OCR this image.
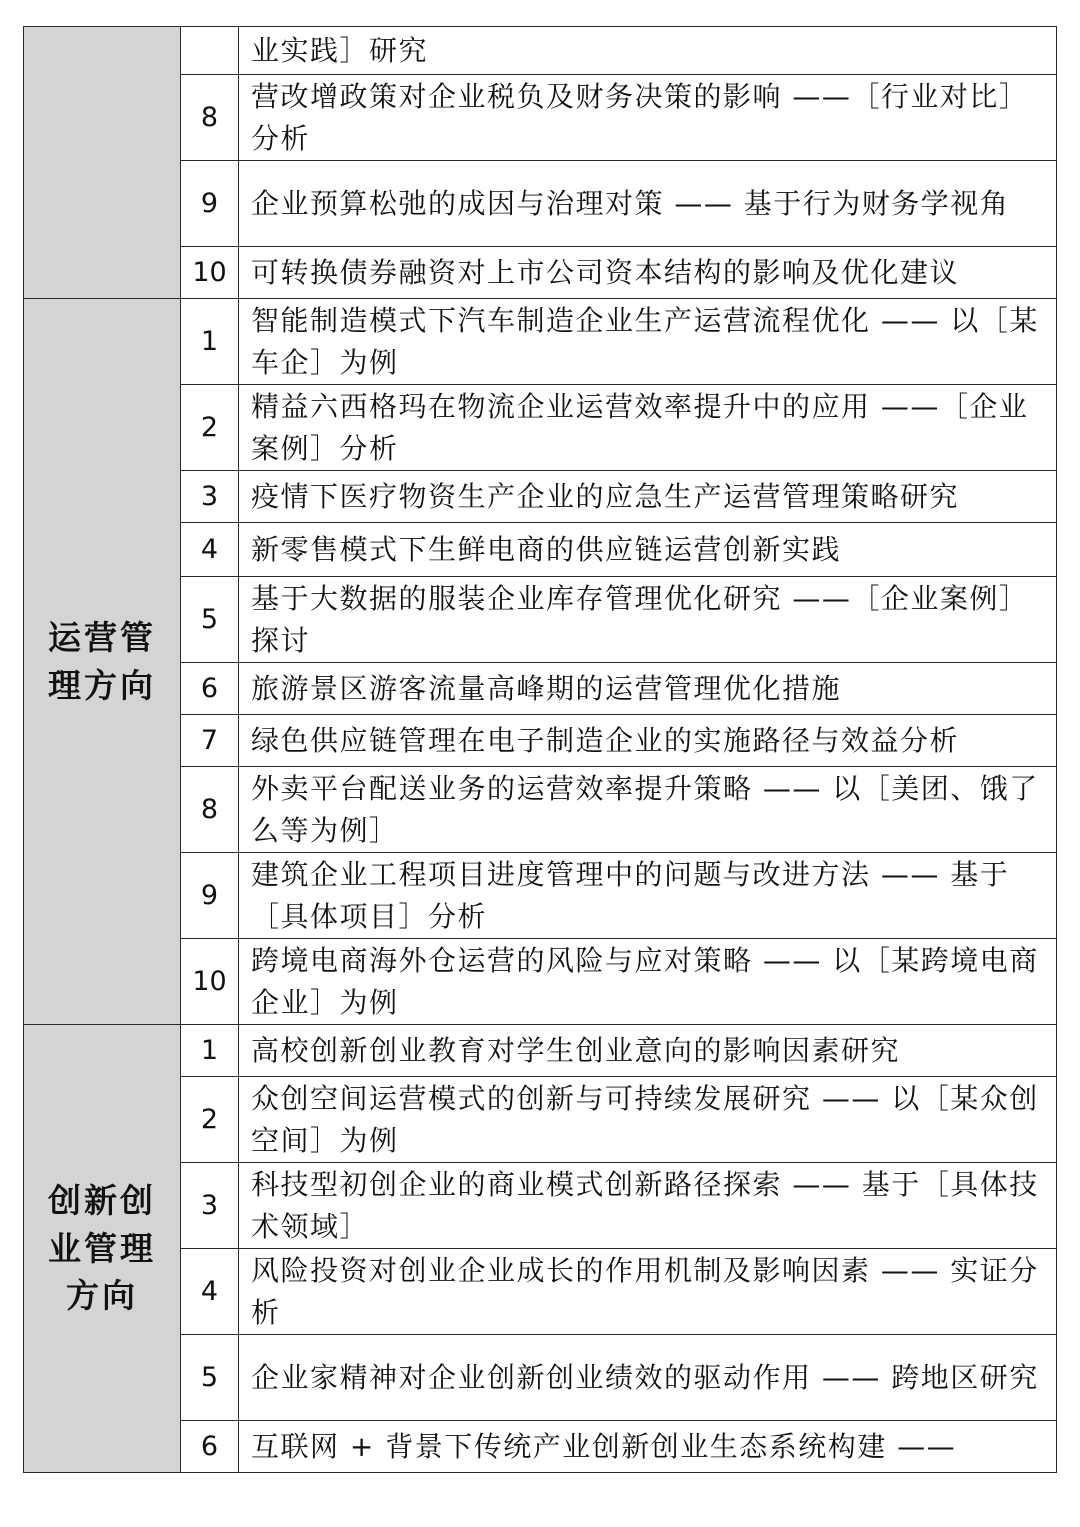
		业实践］研究
	8	营改增政策对企业税负及财务决策的影响 ——［行业对比］分析
	9	企业预算松弛的成因与治理对策 —— 基于行为财务学视角
	10	可转换债券融资对上市公司资本结构的影响及优化建议
运营管理方向	1	智能制造模式下汽车制造企业生产运营流程优化 —— 以［某车企］为例
	2	精益六西格玛在物流企业运营效率提升中的应用 ——［企业案例］分析
	3	疫情下医疗物资生产企业的应急生产运营管理策略研究
	4	新零售模式下生鲜电商的供应链运营创新实践
	5	基于大数据的服装企业库存管理优化研究 ——［企业案例］探讨
	6	旅游景区游客流量高峰期的运营管理优化措施
	7	绿色供应链管理在电子制造企业的实施路径与效益分析
	8	外卖平台配送业务的运营效率提升策略 —— 以［美团、饿了么等为例］
	9	建筑企业工程项目进度管理中的问题与改进方法 —— 基于［具体项目］分析
	10	跨境电商海外仓运营的风险与应对策略 —— 以［某跨境电商企业］为例
创新创业管理方向	1	高校创新创业教育对学生创业意向的影响因素研究
	2	众创空间运营模式的创新与可持续发展研究 —— 以［某众创空间］为例
	3	科技型初创企业的商业模式创新路径探索 —— 基于［具体技术领域］
	4	风险投资对创业企业成长的作用机制及影响因素 —— 实证分析
	5	企业家精神对企业创新创业绩效的驱动作用 —— 跨地区研究
	6	互联网 + 背景下传统产业创新创业生态系统构建 ——
